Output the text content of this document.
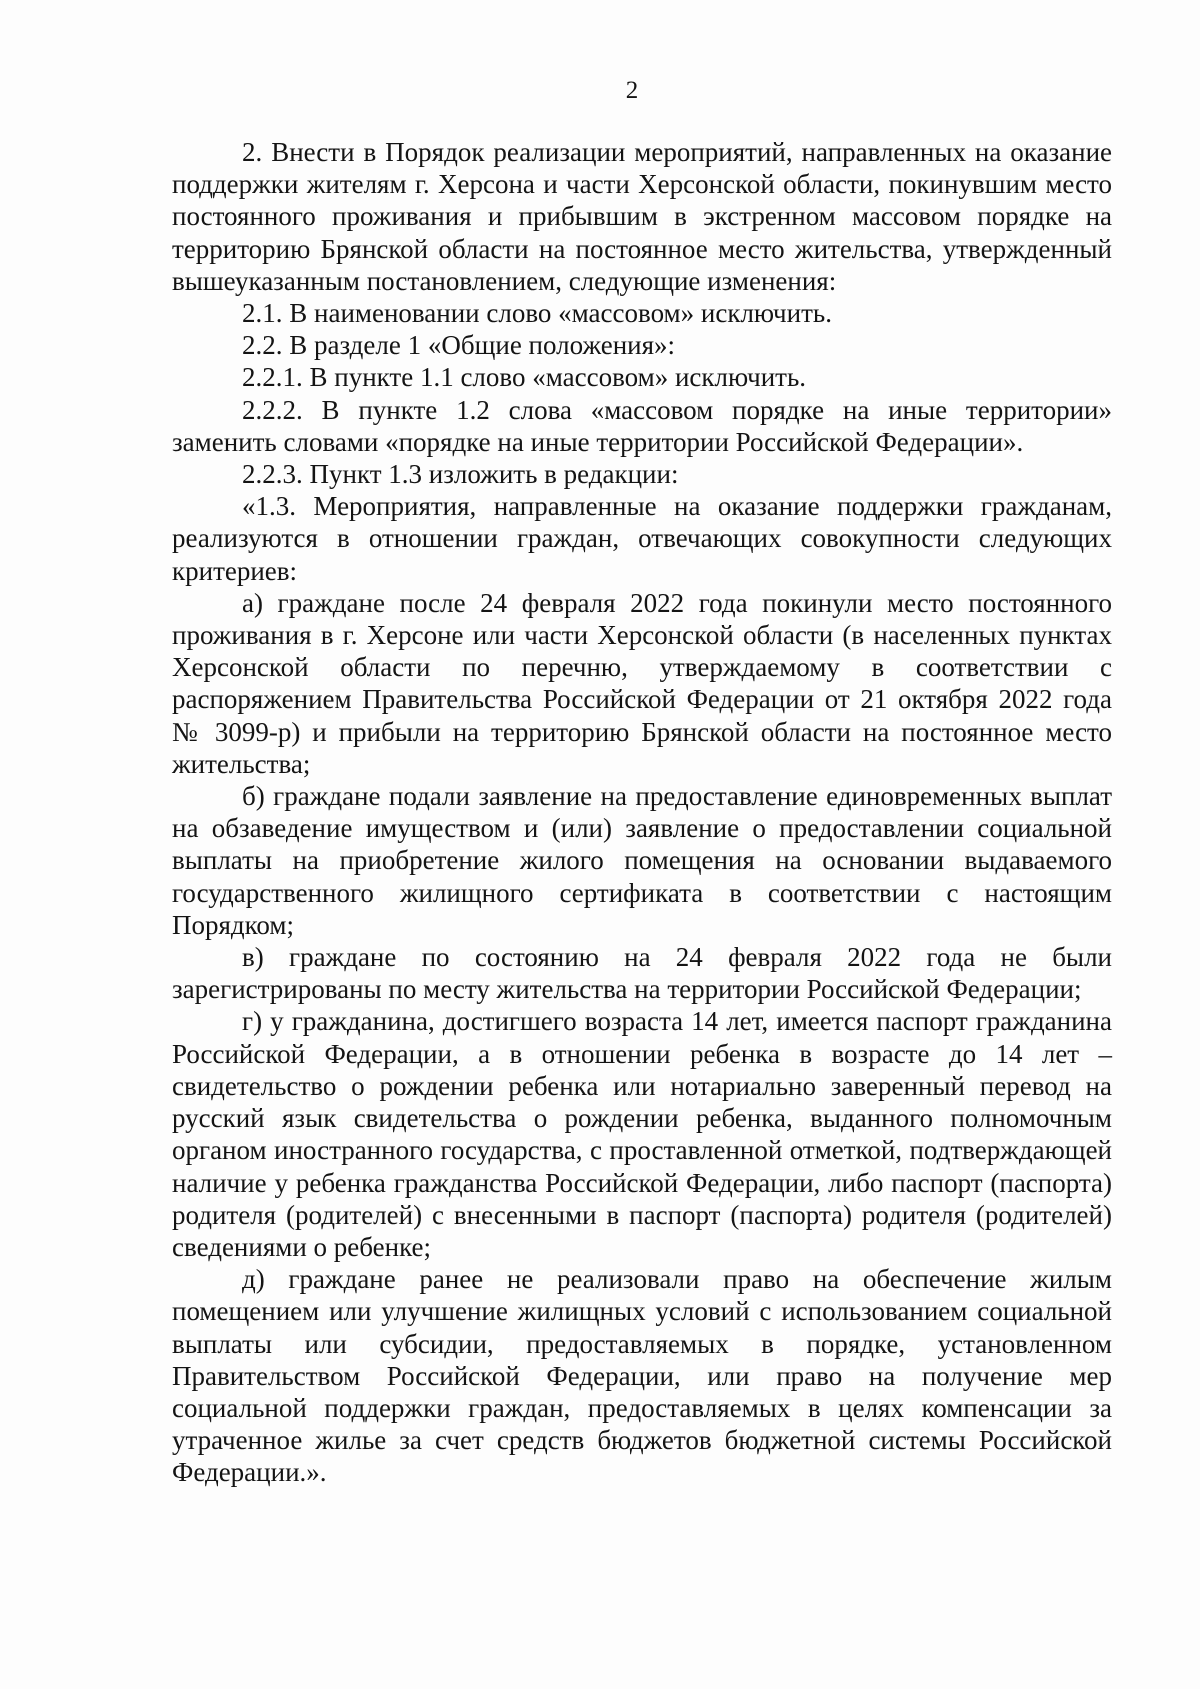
2

2. Внести в Порядок реализации мероприятий, направленных на оказание поддержки жителям г. Херсона и части Херсонской области, покинувшим место постоянного проживания и прибывшим в экстренном массовом порядке на территорию Брянской области на постоянное место жительства, утвержденный вышеуказанным постановлением, следующие изменения:

2.1. В наименовании слово «массовом» исключить.

2.2. В разделе 1 «Общие положения»:

2.2.1. В пункте 1.1 слово «массовом» исключить.

2.2.2. В пункте 1.2 слова «массовом порядке на иные территории» заменить словами «порядке на иные территории Российской Федерации».

2.2.3. Пункт 1.3 изложить в редакции:

«1.3. Мероприятия, направленные на оказание поддержки гражданам, реализуются в отношении граждан, отвечающих совокупности следующих критериев:

а) граждане после 24 февраля 2022 года покинули место постоянного проживания в г. Херсоне или части Херсонской области (в населенных пунктах Херсонской области по перечню, утверждаемому в соответствии с распоряжением Правительства Российской Федерации от 21 октября 2022 года № 3099-р) и прибыли на территорию Брянской области на постоянное место жительства;

б) граждане подали заявление на предоставление единовременных выплат на обзаведение имуществом и (или) заявление о предоставлении социальной выплаты на приобретение жилого помещения на основании выдаваемого государственного жилищного сертификата в соответствии с настоящим Порядком;

в) граждане по состоянию на 24 февраля 2022 года не были зарегистрированы по месту жительства на территории Российской Федерации;

г) у гражданина, достигшего возраста 14 лет, имеется паспорт гражданина Российской Федерации, а в отношении ребенка в возрасте до 14 лет – свидетельство о рождении ребенка или нотариально заверенный перевод на русский язык свидетельства о рождении ребенка, выданного полномочным органом иностранного государства, с проставленной отметкой, подтверждающей наличие у ребенка гражданства Российской Федерации, либо паспорт (паспорта) родителя (родителей) с внесенными в паспорт (паспорта) родителя (родителей) сведениями о ребенке;

д) граждане ранее не реализовали право на обеспечение жилым помещением или улучшение жилищных условий с использованием социальной выплаты или субсидии, предоставляемых в порядке, установленном Правительством Российской Федерации, или право на получение мер социальной поддержки граждан, предоставляемых в целях компенсации за утраченное жилье за счет средств бюджетов бюджетной системы Российской Федерации.».
